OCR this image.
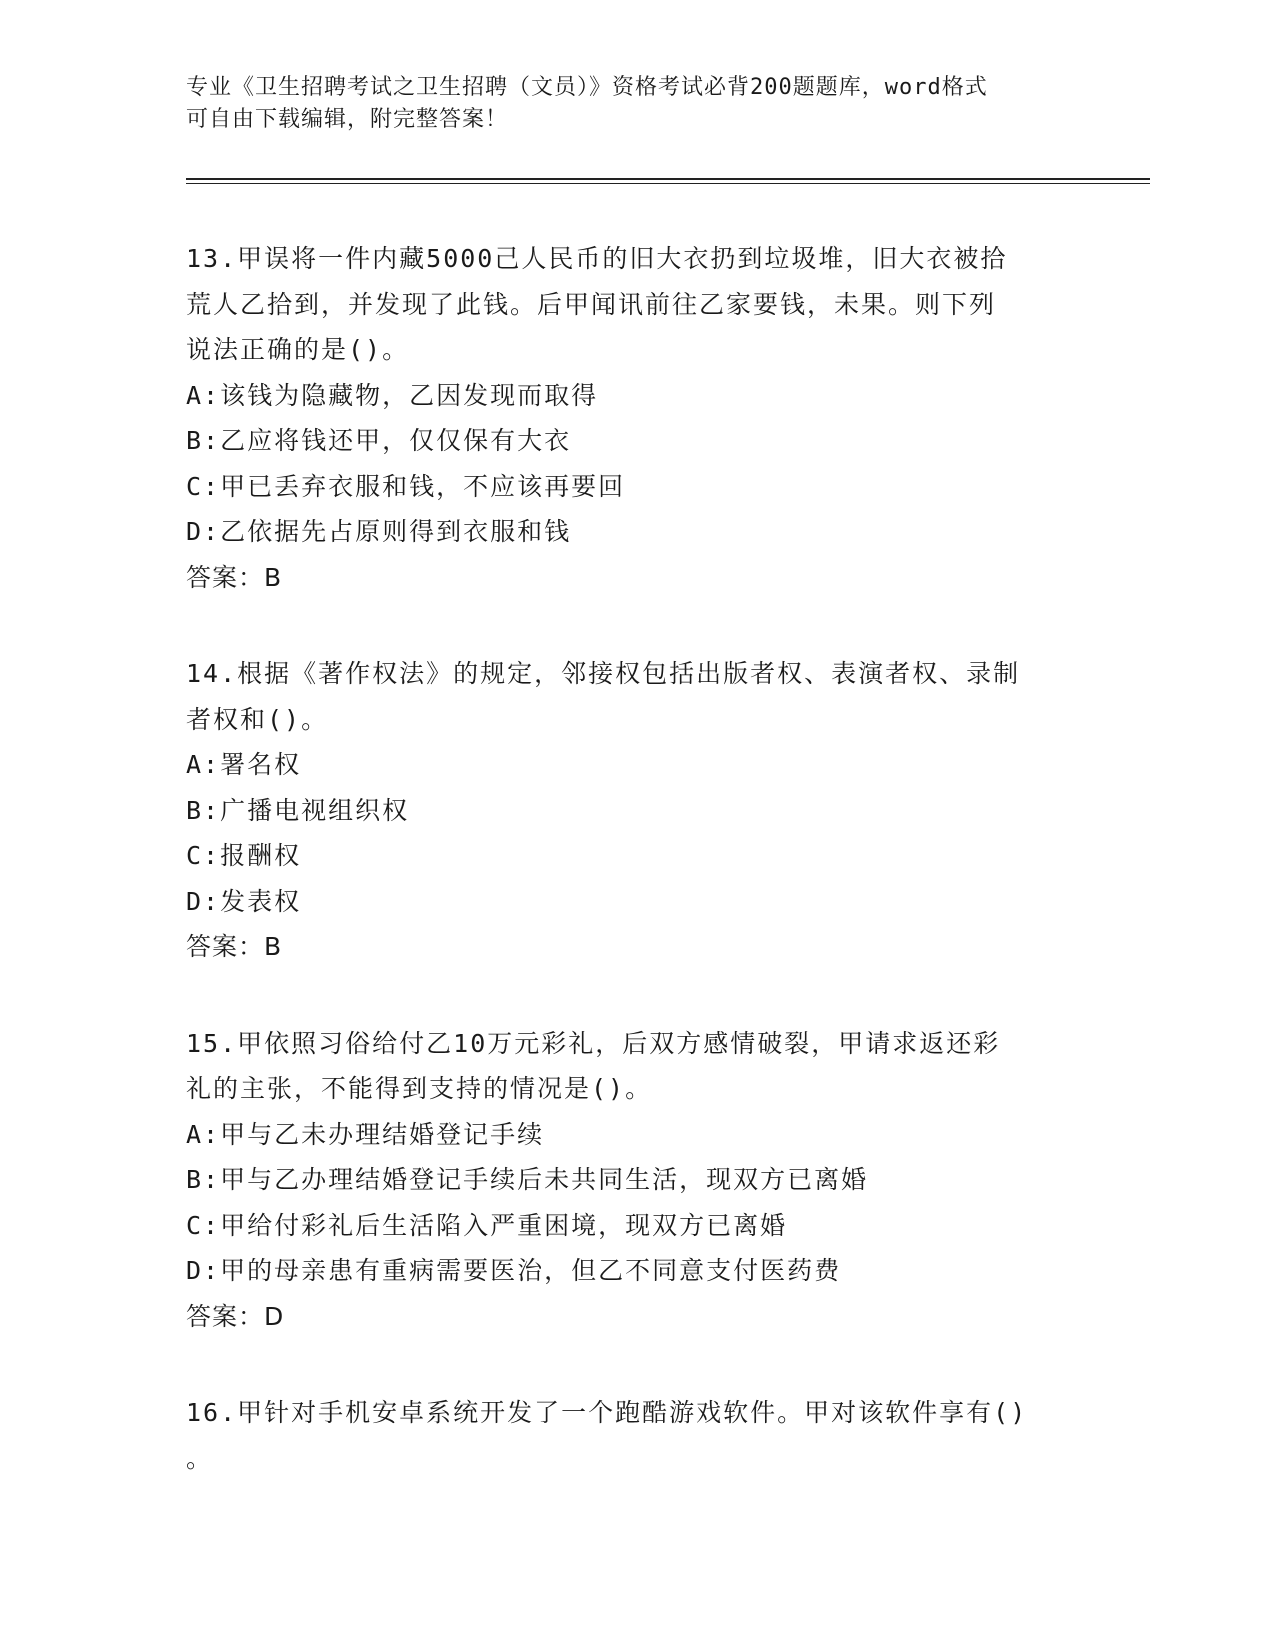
专业《卫生招聘考试之卫生招聘（文员）》资格考试必背200题题库，word格式
可自由下载编辑，附完整答案！
13.甲误将一件内藏5000己人民币的旧大衣扔到垃圾堆，旧大衣被拾
荒人乙拾到，并发现了此钱。后甲闻讯前往乙家要钱，未果。则下列
说法正确的是()。
A:该钱为隐藏物，乙因发现而取得
B:乙应将钱还甲，仅仅保有大衣
C:甲已丢弃衣服和钱，不应该再要回
D:乙依据先占原则得到衣服和钱
答案：B
14.根据《著作权法》的规定，邻接权包括出版者权、表演者权、录制
者权和()。
A:署名权
B:广播电视组织权
C:报酬权
D:发表权
答案：B
15.甲依照习俗给付乙10万元彩礼，后双方感情破裂，甲请求返还彩
礼的主张，不能得到支持的情况是()。
A:甲与乙未办理结婚登记手续
B:甲与乙办理结婚登记手续后未共同生活，现双方已离婚
C:甲给付彩礼后生活陷入严重困境，现双方已离婚
D:甲的母亲患有重病需要医治，但乙不同意支付医药费
答案：D
16.甲针对手机安卓系统开发了一个跑酷游戏软件。甲对该软件享有()
。
